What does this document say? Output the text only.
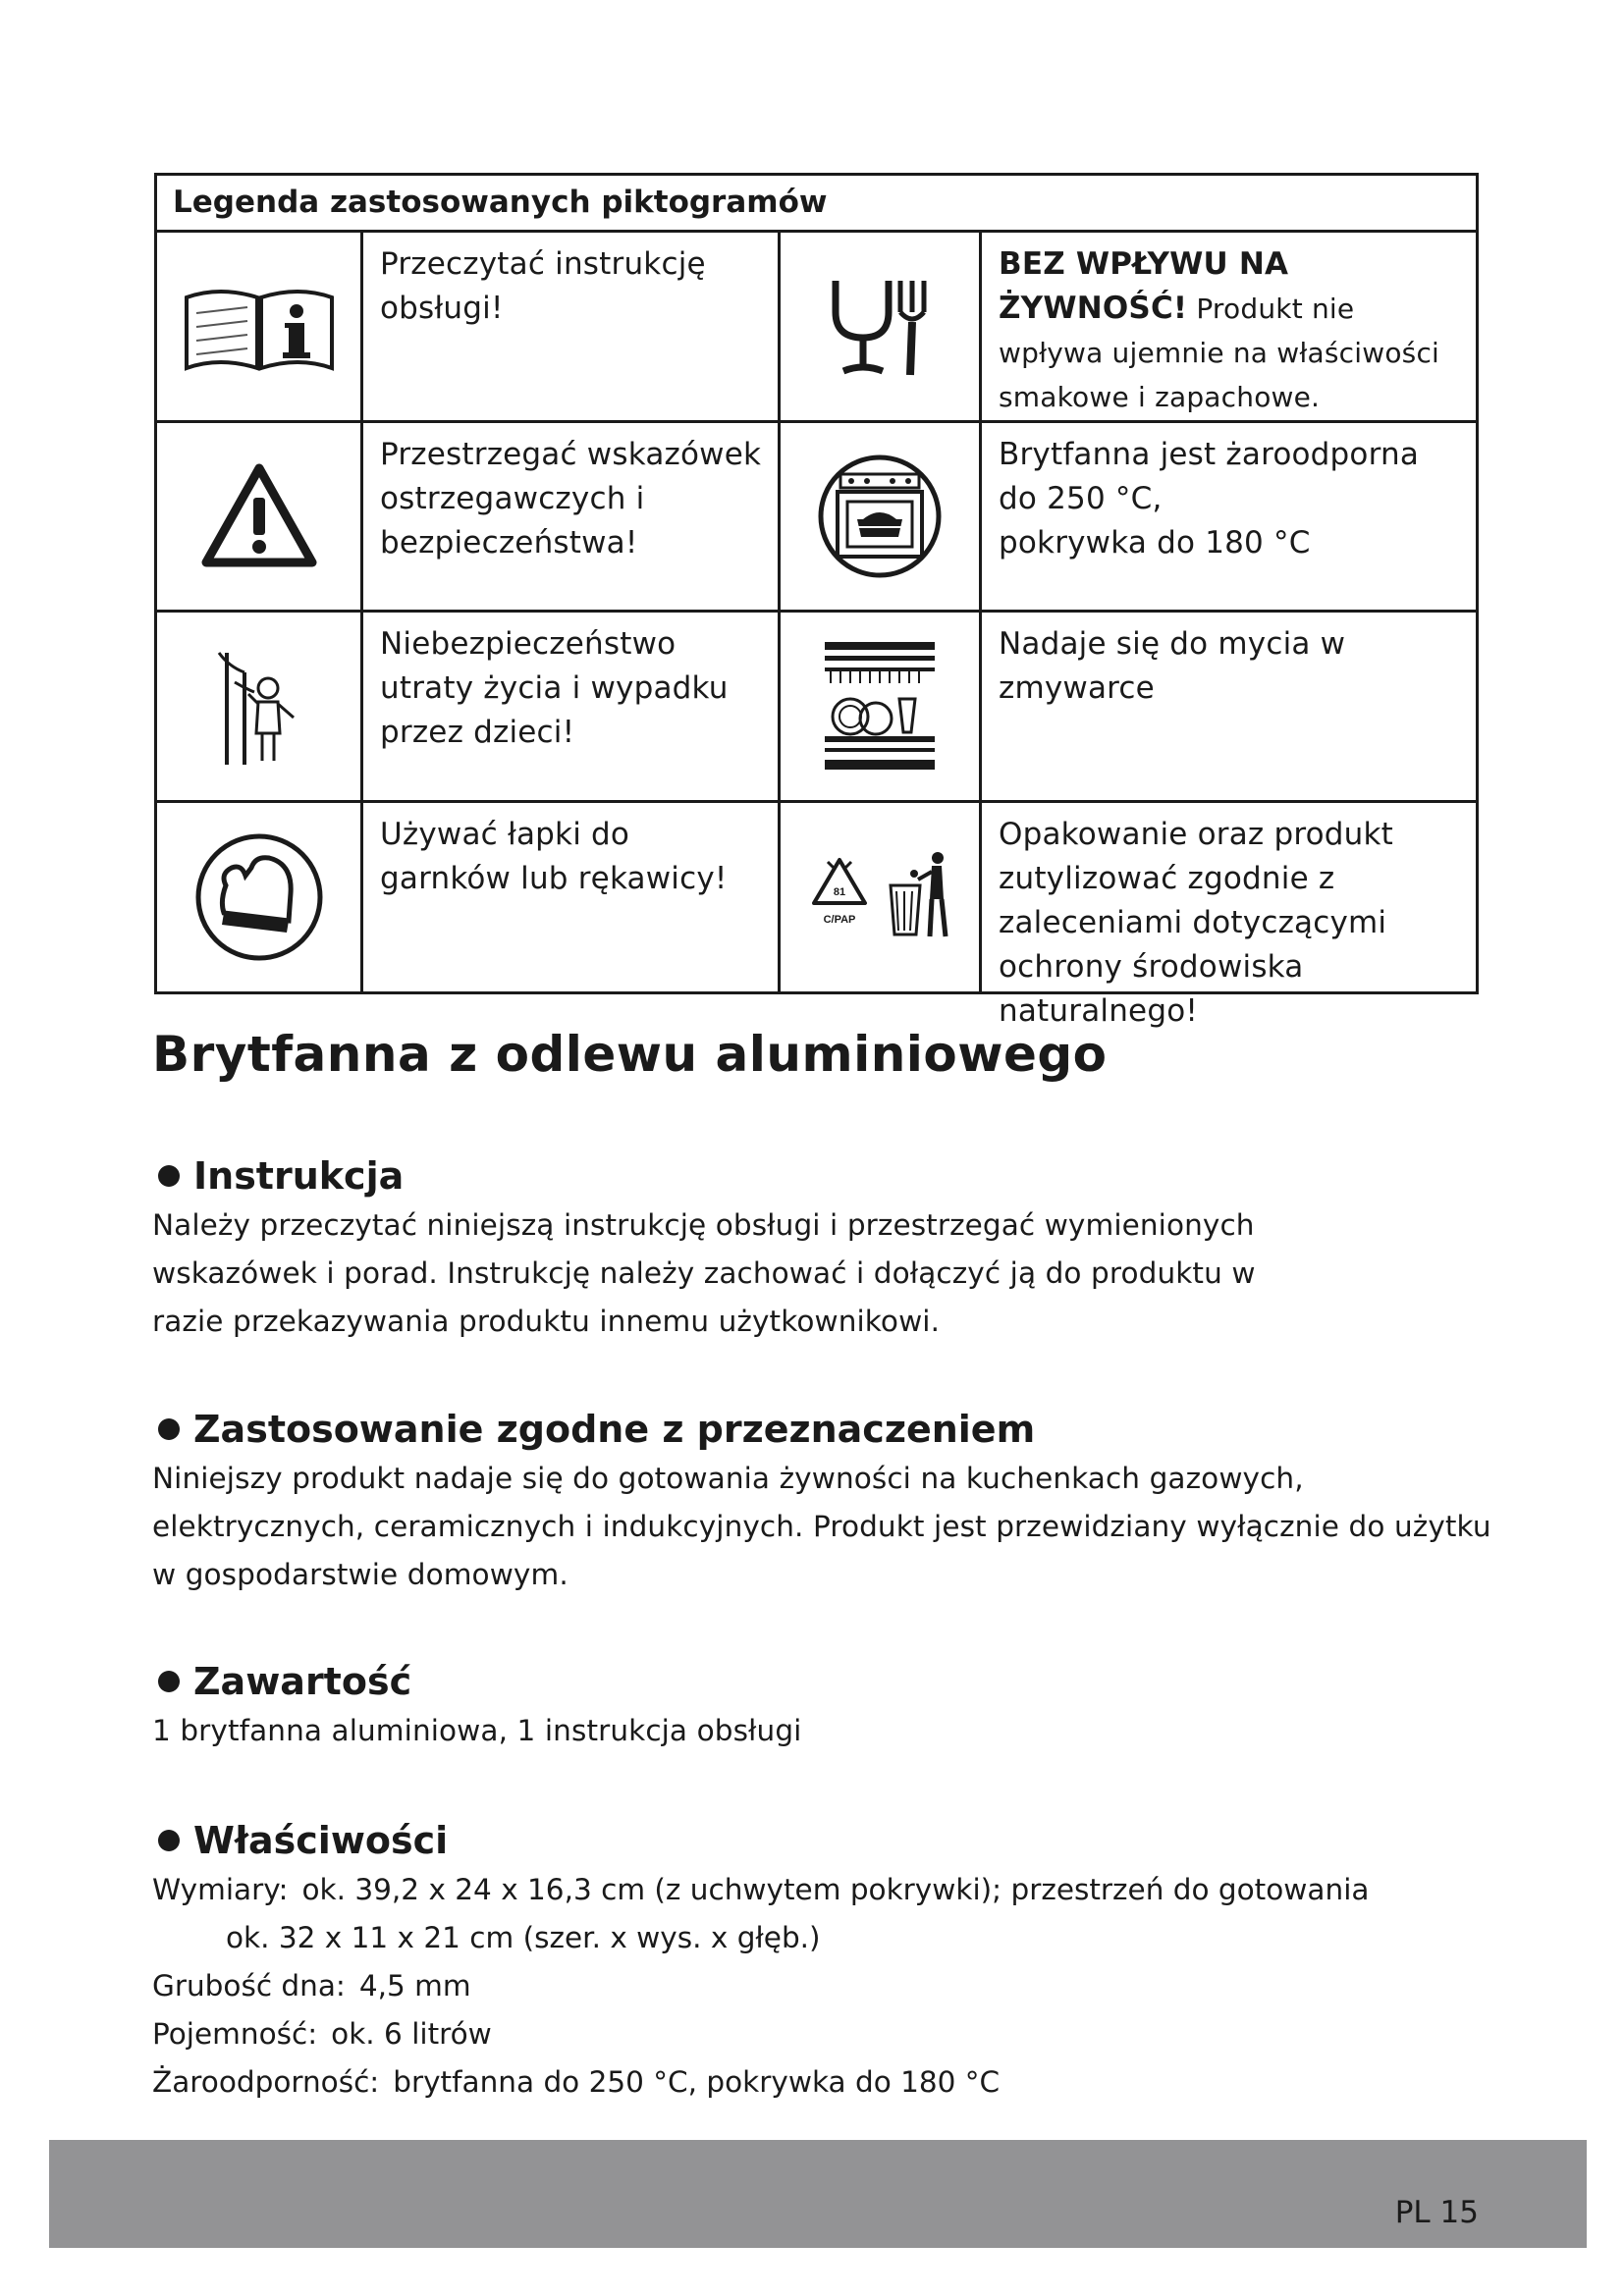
Legenda zastosowanych piktogramów
Przeczytać instrukcję obsługi!
BEZ WPŁYWU NA ŻYWNOŚĆ! Produkt nie wpływa ujemnie na właściwości smakowe i zapachowe.
Przestrzegać wskazówek ostrzegawczych i bezpieczeństwa!
Brytfanna jest żaroodporna
do 250 °C,
pokrywka do 180 °C
Niebezpieczeństwo utraty życia i wypadku przez dzieci!
Nadaje się do mycia w zmywarce
Używać łapki do garnków lub rękawicy!	81
C/PAP
Opakowanie oraz produkt zutylizować zgodnie z zaleceniami dotyczącymi ochrony środowiska naturalnego!
Brytfanna z odlewu aluminiowego
Instrukcja

Należy przeczytać niniejszą instrukcję obsługi i przestrzegać wymienionych wskazówek i porad. Instrukcję należy zachować i dołączyć ją do produktu w razie przekazywania produktu innemu użytkownikowi.

Zastosowanie zgodne z przeznaczeniem

Niniejszy produkt nadaje się do gotowania żywności na kuchenkach gazowych, elektrycznych, ceramicznych i indukcyjnych. Produkt jest przewidziany wyłącznie do użytku w gospodarstwie domowym.

Zawartość

1 brytfanna aluminiowa, 1 instrukcja obsługi

Właściwości
Wymiary: ok. 39,2 x 24 x 16,3 cm (z uchwytem pokrywki); przestrzeń do gotowania
ok. 32 x 11 x 21 cm (szer. x wys. x głęb.)
Grubość dna: 4,5 mm
Pojemność: ok. 6 litrów
Żaroodporność: brytfanna do 250 °C, pokrywka do 180 °C
PL 15
